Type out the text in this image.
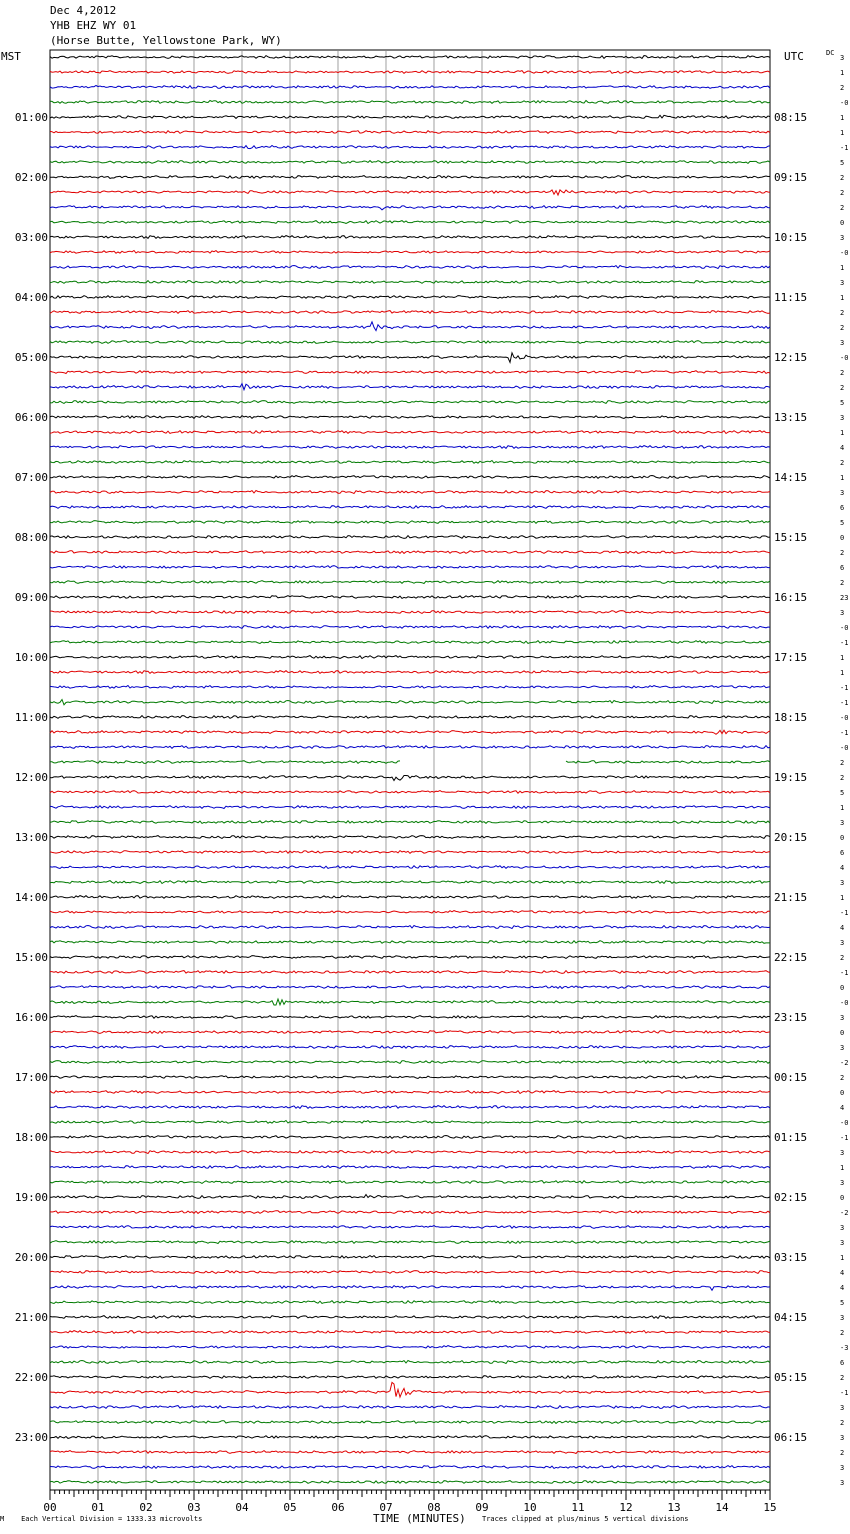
Dec 4,2012
YHB EHZ WY 01
(Horse Butte, Yellowstone Park, WY)
MST	UTC	DC
01:00
02:00
03:00
04:00
05:00
06:00
07:00
08:00
09:00
10:00
11:00
12:00
13:00
14:00
15:00
16:00
17:00
18:00
19:00
20:00
21:00
22:00
23:00
08:15
09:15
10:15
11:15
12:15
13:15
14:15
15:15
16:15
17:15
18:15
19:15
20:15
21:15
22:15
23:15
00:15
01:15
02:15
03:15
04:15
05:15
06:15
3
1
2
-0
1
1
-1
5
2
2
2
0
3
-0
1
3
1
2
2
3
-0
2
2
5
3
1
4
2
1
3
6
5
0
2
6
2
23
3
-0
-1
1
1
-1
-1
-0
-1
-0
2
2
5
1
3
0
6
4
3
1
-1
4
3
2
-1
0
-0
3
0
3
-2
2
0
4
-0
-1
3
1
3
0
-2
3
3
1
4
4
5
3
2
-3
6
2
-1
3
2
3
2
3
3
00	01	02	03	04	05	06	07	08	09	10	11	12	13	14	15
TIME (MINUTES)
M Each Vertical Division = 1333.33 microvolts	Traces clipped at plus/minus 5 vertical divisions
